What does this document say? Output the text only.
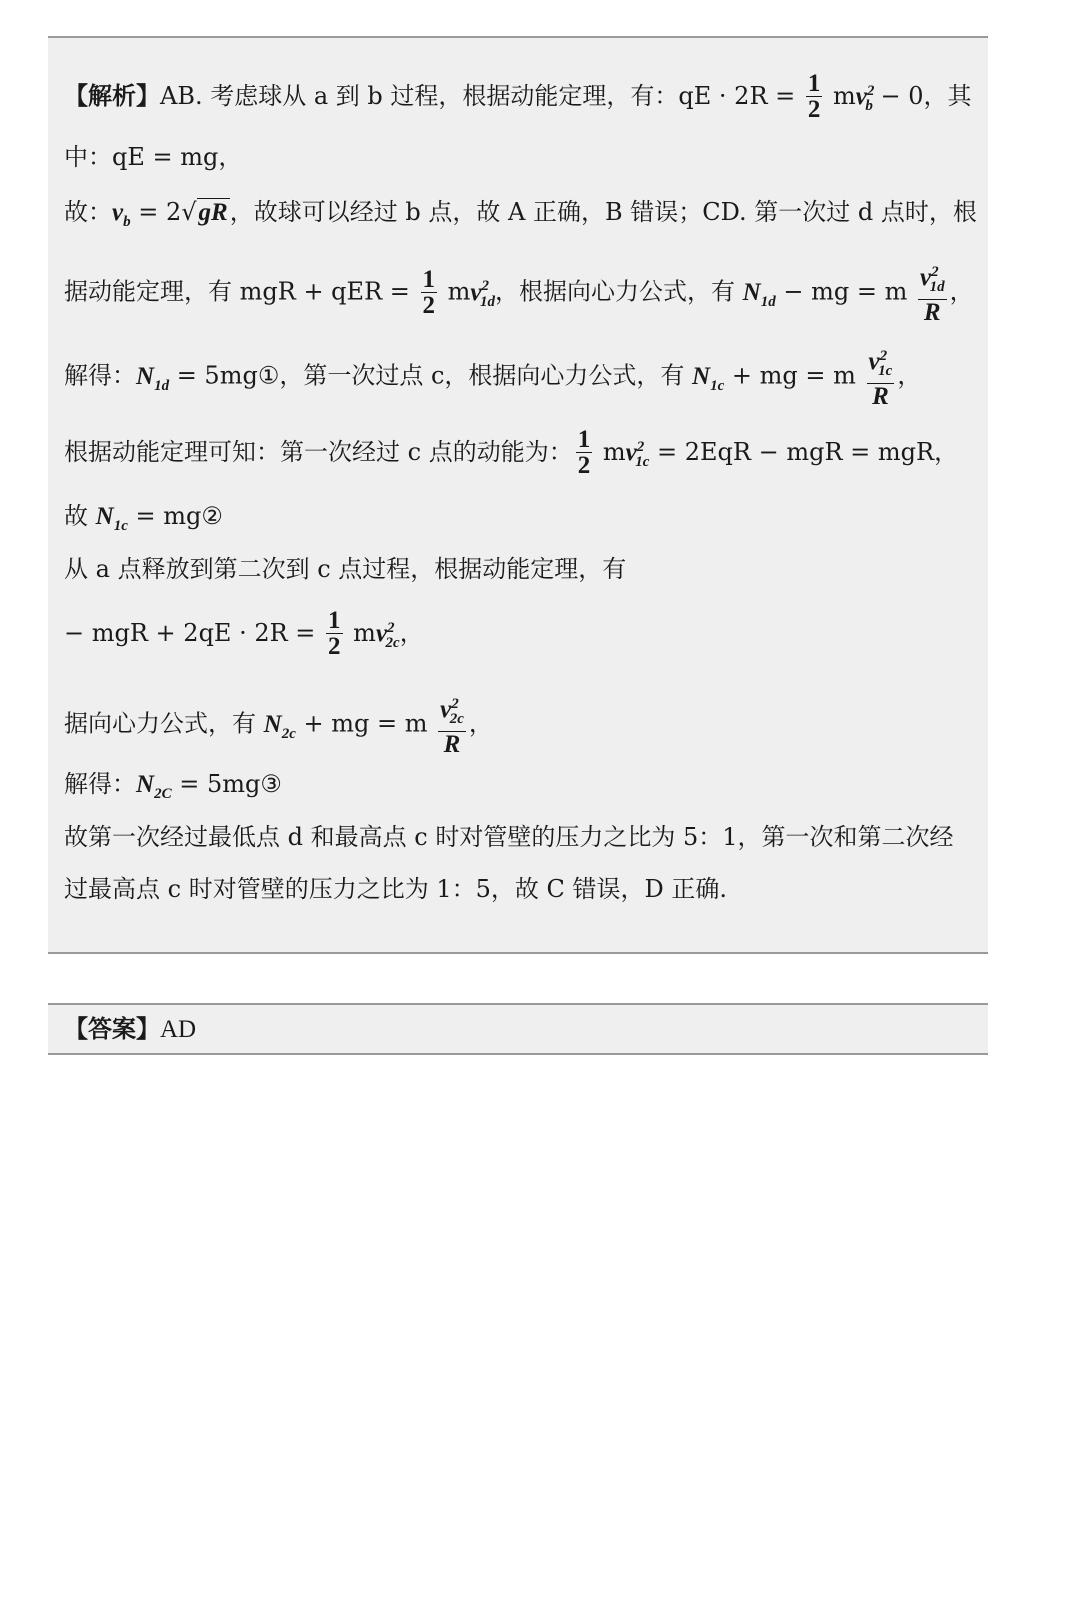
【解析】AB. 考虑球从 a 到 b 过程，根据动能定理，有：qE · $2R = \frac{1}{2} mv^2_b - 0$，其
中：qE = mg，
故：$v_b = 2√gR$，故球可以经过 b 点，故 A 正确，B 错误；CD. 第一次过 d 点时，根
据动能定理，有 mgR + qER = $\frac{1}{2} mv^2_{1d}$，根据向心力公式，有 $N_{1d}$ − mg = m $\frac{v^2_{1d}}{R}$ ，
解得：$N_{1d}$ = 5mg①，第一次过点 c，根据向心力公式，有 $N_{1c}$ + mg = m $\frac{v^2_{1c}}{R}$ ，
根据动能定理可知：第一次经过 c 点的动能为： $\frac{1}{2} mv^2_{1c} = 2EqR$ − mgR = mgR，
故 $N_{1c}$ = mg②
从 a 点释放到第二次到 c 点过程，根据动能定理，有
− mgR + $2qE \cdot 2R = \frac{1}{2} mv^2_{2c}$，
据向心力公式，有 $N_{2c}$ + mg = m $\frac{v^2_{2c}}{R}$ ，
解得：$N_{2C}$ = 5mg③
故第一次经过最低点 d 和最高点 c 时对管壁的压力之比为 5：1，第一次和第二次经
过最高点 c 时对管壁的压力之比为 1：5，故 C 错误，D 正确.
【答案】AD
